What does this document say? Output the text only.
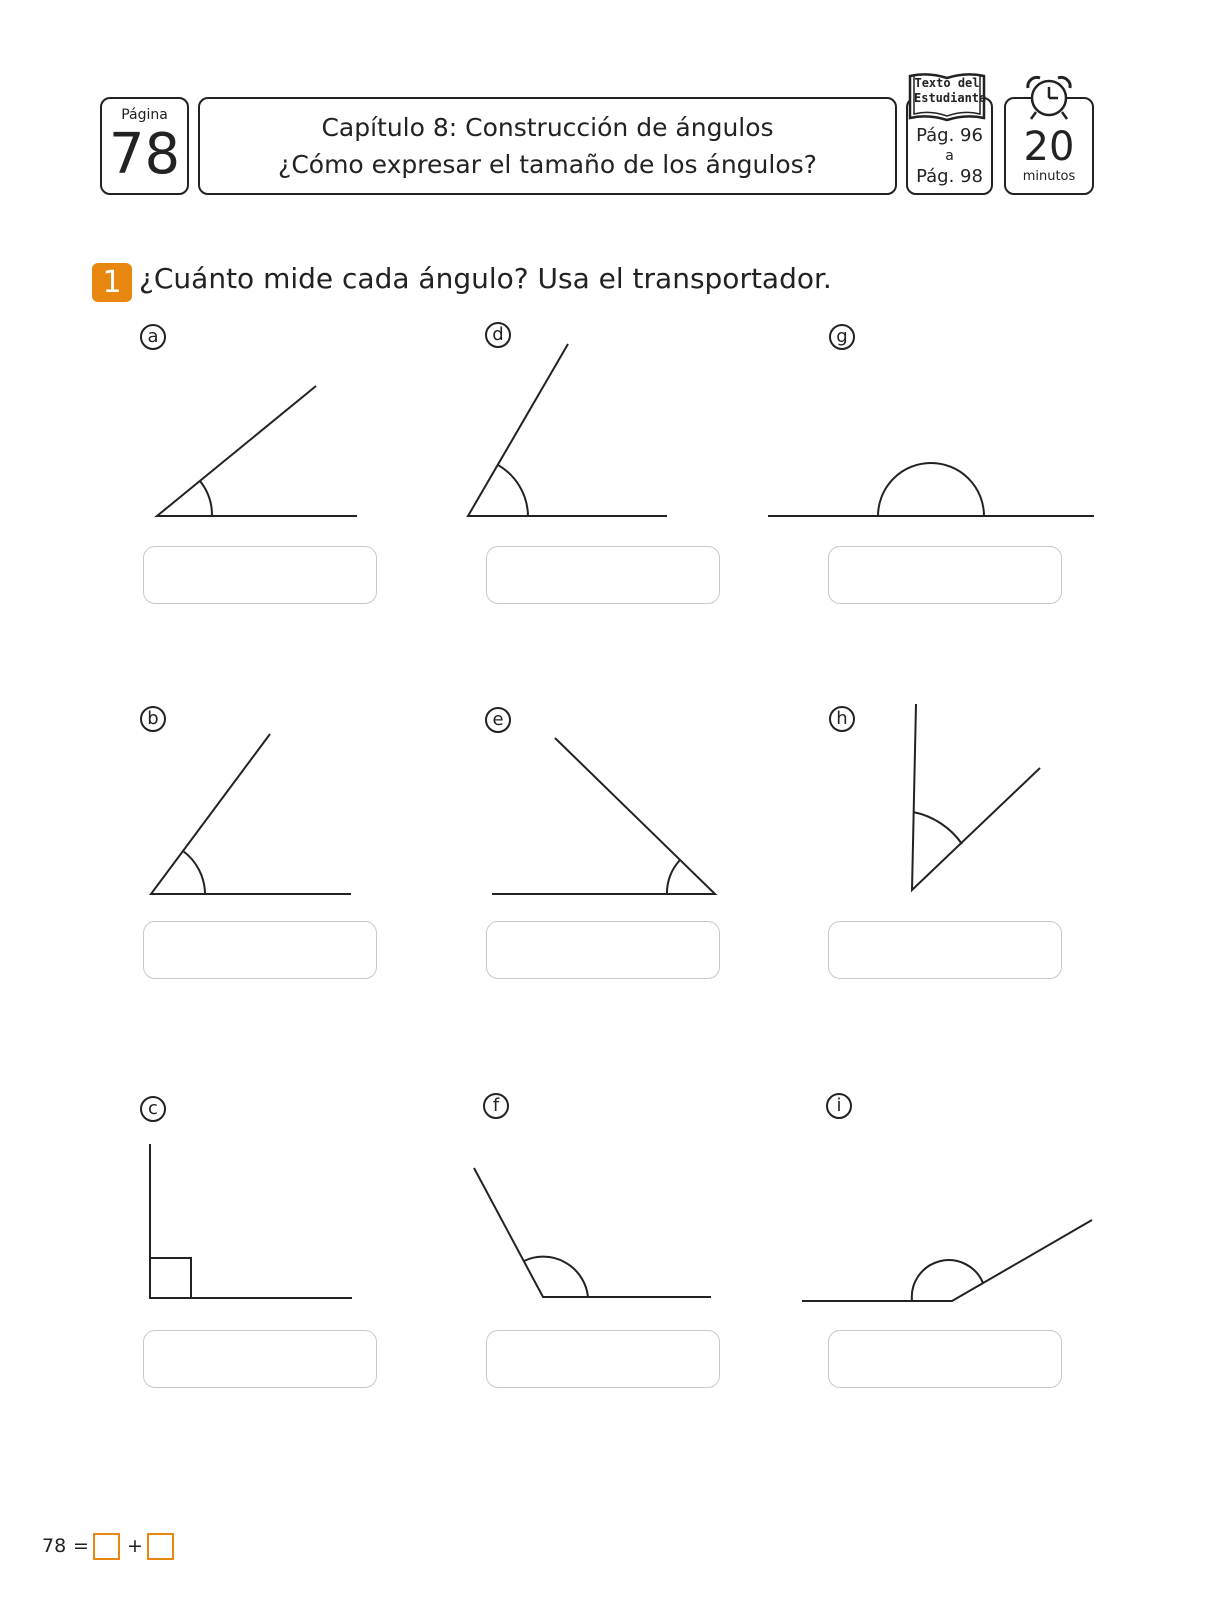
Página
78	Capítulo 8: Construcción de ángulos
¿Cómo expresar el tamaño de los ángulos?
Pág. 96
a
Pág. 98
Texto del Estudiante
20
minutos
1 ¿Cuánto mide cada ángulo? Usa el transportador.
a
b
c
d
e
f
g
h
i
78 = +
